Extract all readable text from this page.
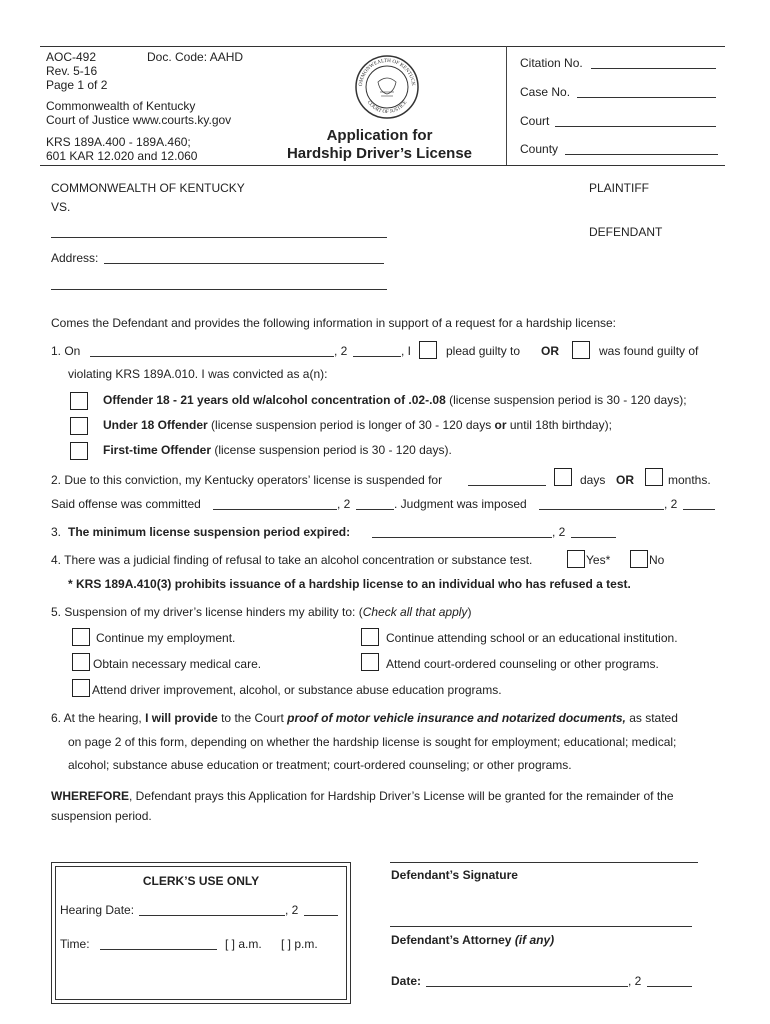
AOC-492	Doc. Code: AAHD
Rev. 5-16
Page 1 of 2
Commonwealth of Kentucky
Court of Justice www.courts.ky.gov
KRS 189A.400 - 189A.460;
601 KAR 12.020 and 12.060
OMMONWEALTH OF KENTUCK
COURT OF JUSTICE
Application for
Hardship Driver’s License
Citation No.
Case No.
Court
County
COMMONWEALTH OF KENTUCKY	PLAINTIFF
VS.
DEFENDANT
Address:
Comes the Defendant and provides the following information in support of a request for a hardship license:
1. On	, 2	, I	plead guilty to OR	was found guilty of
violating KRS 189A.010. I was convicted as a(n):
Offender 18 - 21 years old w/alcohol concentration of .02-.08 (license suspension period is 30 - 120 days);
Under 18 Offender (license suspension period is longer of 30 - 120 days or until 18th birthday);
First-time Offender (license suspension period is 30 - 120 days).
2. Due to this conviction, my Kentucky operators’ license is suspended for	days OR	months.
Said offense was committed	, 2	. Judgment was imposed	, 2
3. The minimum license suspension period expired:	, 2
4. There was a judicial finding of refusal to take an alcohol concentration or substance test.	Yes*	No
* KRS 189A.410(3) prohibits issuance of a hardship license to an individual who has refused a test.
5. Suspension of my driver’s license hinders my ability to: (Check all that apply)
Continue my employment.	Continue attending school or an educational institution.
Obtain necessary medical care.	Attend court-ordered counseling or other programs.
Attend driver improvement, alcohol, or substance abuse education programs.
6. At the hearing, I will provide to the Court proof of motor vehicle insurance and notarized documents, as stated
on page 2 of this form, depending on whether the hardship license is sought for employment; educational; medical;
alcohol; substance abuse education or treatment; court-ordered counseling; or other programs.
WHEREFORE, Defendant prays this Application for Hardship Driver’s License will be granted for the remainder of the
suspension period.
CLERK’S USE ONLY
Hearing Date:	, 2
Time:	[ ] a.m. [ ] p.m.
Defendant’s Signature
Defendant’s Attorney (if any)
Date:	, 2
